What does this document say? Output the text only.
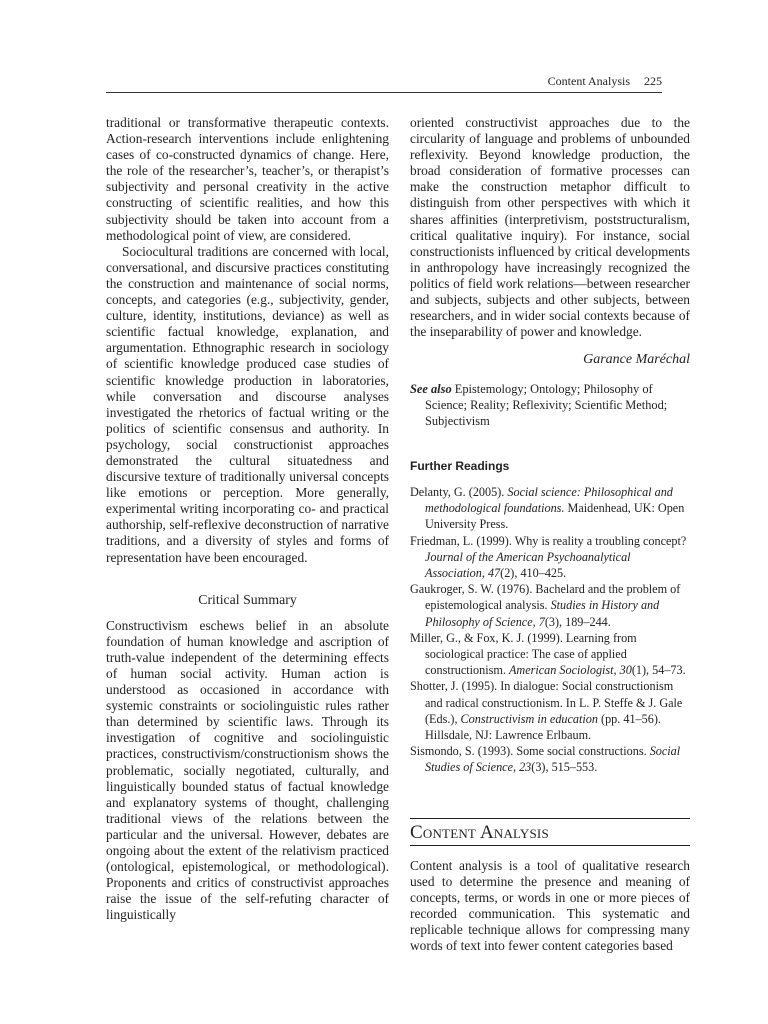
Content Analysis 225

traditional or transformative therapeutic contexts. Action-research interventions include enlightening cases of co-constructed dynamics of change. Here, the role of the researcher’s, teacher’s, or therapist’s subjectivity and personal creativity in the active constructing of scientific realities, and how this subjectivity should be taken into account from a methodological point of view, are considered.

Sociocultural traditions are concerned with local, conversational, and discursive practices constituting the construction and maintenance of social norms, concepts, and categories (e.g., subjectivity, gender, culture, identity, institutions, deviance) as well as scientific factual knowledge, explanation, and argumentation. Ethnographic research in sociology of scientific knowledge produced case studies of scientific knowledge production in laboratories, while conversation and discourse analyses investigated the rhetorics of factual writing or the politics of scientific consensus and authority. In psychology, social constructionist approaches demonstrated the cultural situatedness and discursive texture of traditionally universal concepts like emotions or perception. More generally, experimental writing incorporating co- and practical authorship, self-reflexive deconstruction of narrative traditions, and a diversity of styles and forms of representation have been encouraged.

Critical Summary

Constructivism eschews belief in an absolute foundation of human knowledge and ascription of truth-value independent of the determining effects of human social activity. Human action is understood as occasioned in accordance with systemic constraints or sociolinguistic rules rather than determined by scientific laws. Through its investigation of cognitive and sociolinguistic practices, constructivism/constructionism shows the problematic, socially negotiated, culturally, and linguistically bounded status of factual knowledge and explanatory systems of thought, challenging traditional views of the relations between the particular and the universal. However, debates are ongoing about the extent of the relativism practiced (ontological, epistemological, or methodological). Proponents and critics of constructivist approaches raise the issue of the self-refuting character of linguistically

oriented constructivist approaches due to the circularity of language and problems of unbounded reflexivity. Beyond knowledge production, the broad consideration of formative processes can make the construction metaphor difficult to distinguish from other perspectives with which it shares affinities (interpretivism, poststructuralism, critical qualitative inquiry). For instance, social constructionists influenced by critical developments in anthropology have increasingly recognized the politics of field work relations—between researcher and subjects, subjects and other subjects, between researchers, and in wider social contexts because of the inseparability of power and knowledge.

Garance Maréchal
See also Epistemology; Ontology; Philosophy of Science; Reality; Reflexivity; Scientific Method; Subjectivism
Further Readings

Delanty, G. (2005). Social science: Philosophical and methodological foundations. Maidenhead, UK: Open University Press.

Friedman, L. (1999). Why is reality a troubling concept? Journal of the American Psychoanalytical Association, 47(2), 410–425.

Gaukroger, S. W. (1976). Bachelard and the problem of epistemological analysis. Studies in History and Philosophy of Science, 7(3), 189–244.

Miller, G., & Fox, K. J. (1999). Learning from sociological practice: The case of applied constructionism. American Sociologist, 30(1), 54–73.

Shotter, J. (1995). In dialogue: Social constructionism and radical constructionism. In L. P. Steffe & J. Gale (Eds.), Constructivism in education (pp. 41–56). Hillsdale, NJ: Lawrence Erlbaum.

Sismondo, S. (1993). Some social constructions. Social Studies of Science, 23(3), 515–553.

Content Analysis

Content analysis is a tool of qualitative research used to determine the presence and meaning of concepts, terms, or words in one or more pieces of recorded communication. This systematic and replicable technique allows for compressing many words of text into fewer content categories based
